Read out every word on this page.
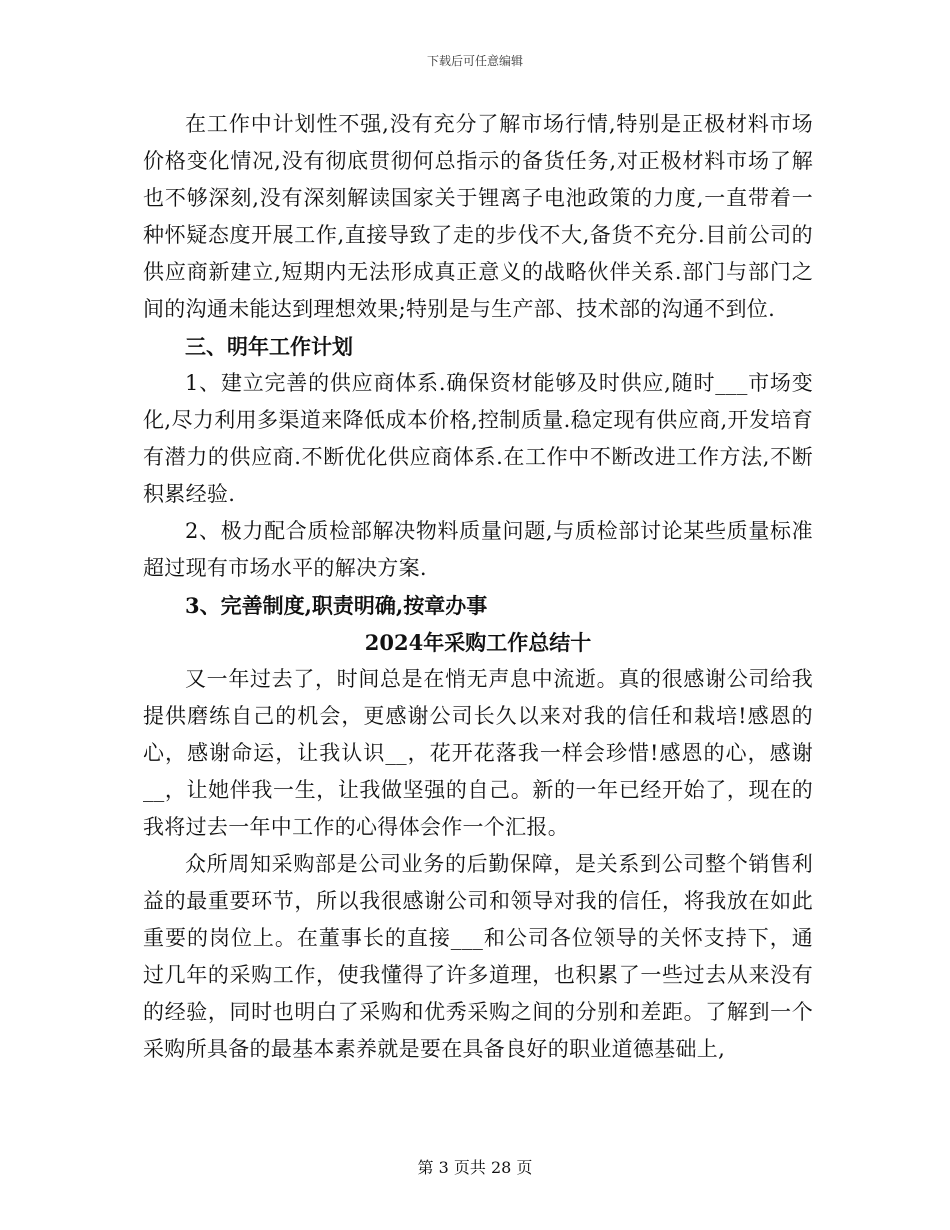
下载后可任意编辑

在工作中计划性不强,没有充分了解市场行情,特别是正极材料市场价格变化情况,没有彻底贯彻何总指示的备货任务,对正极材料市场了解也不够深刻,没有深刻解读国家关于锂离子电池政策的力度,一直带着一种怀疑态度开展工作,直接导致了走的步伐不大,备货不充分.目前公司的供应商新建立,短期内无法形成真正意义的战略伙伴关系.部门与部门之间的沟通未能达到理想效果;特别是与生产部、技术部的沟通不到位.

三、明年工作计划

1、建立完善的供应商体系.确保资材能够及时供应,随时___市场变化,尽力利用多渠道来降低成本价格,控制质量.稳定现有供应商,开发培育有潜力的供应商.不断优化供应商体系.在工作中不断改进工作方法,不断积累经验.

2、极力配合质检部解决物料质量问题,与质检部讨论某些质量标准超过现有市场水平的解决方案.

3、完善制度,职责明确,按章办事

2024年采购工作总结十

又一年过去了，时间总是在悄无声息中流逝。真的很感谢公司给我提供磨练自己的机会，更感谢公司长久以来对我的信任和栽培!感恩的心，感谢命运，让我认识__，花开花落我一样会珍惜!感恩的心，感谢__，让她伴我一生，让我做坚强的自己。新的一年已经开始了，现在的我将过去一年中工作的心得体会作一个汇报。

众所周知采购部是公司业务的后勤保障，是关系到公司整个销售利益的最重要环节，所以我很感谢公司和领导对我的信任，将我放在如此重要的岗位上。在董事长的直接___和公司各位领导的关怀支持下，通过几年的采购工作，使我懂得了许多道理，也积累了一些过去从来没有的经验，同时也明白了采购和优秀采购之间的分别和差距。了解到一个采购所具备的最基本素养就是要在具备良好的职业道德基础上,

第 3 页共 28 页
